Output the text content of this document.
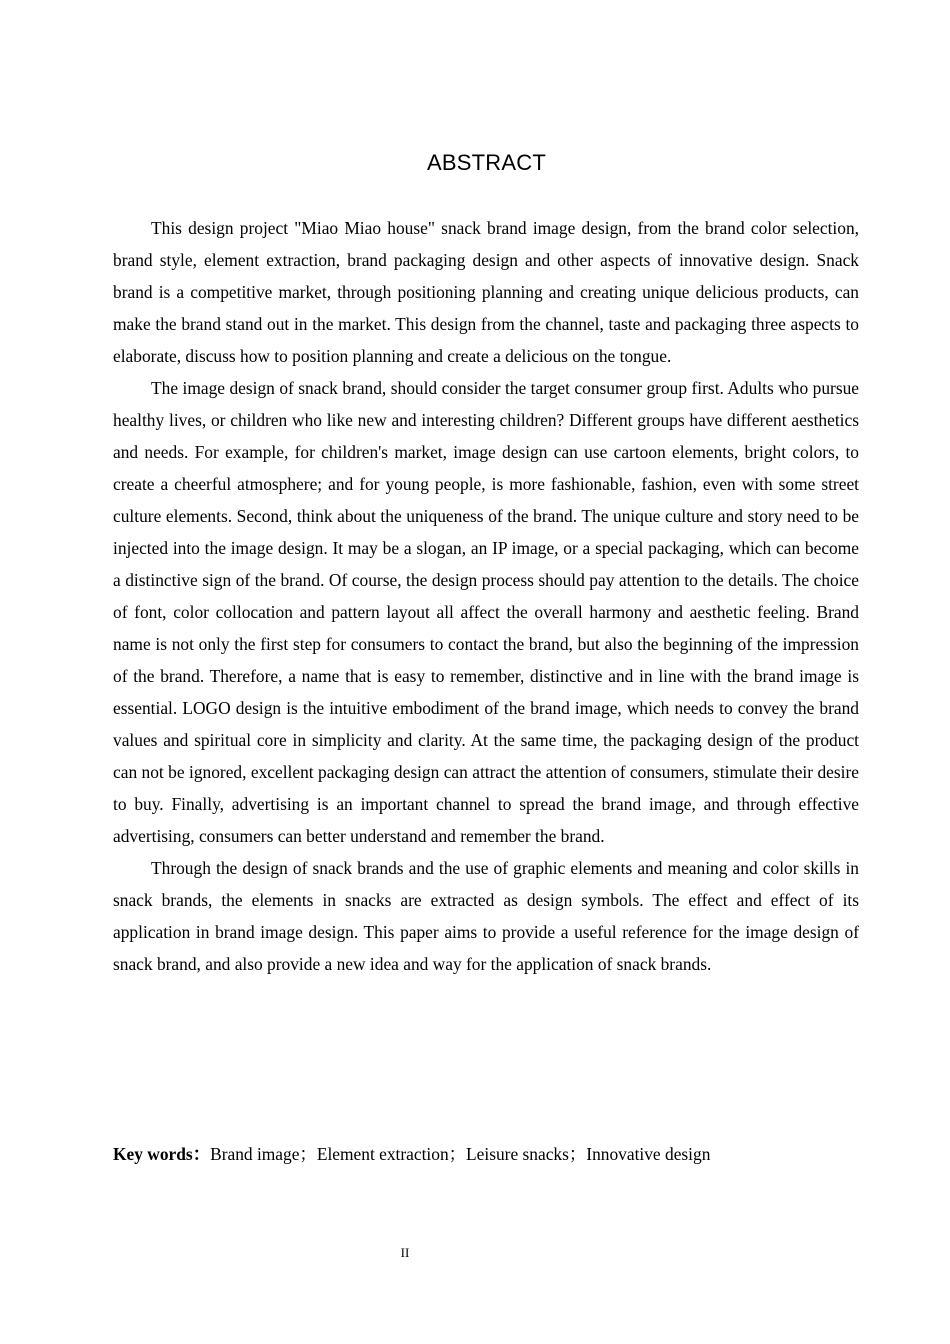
ABSTRACT

This design project "Miao Miao house" snack brand image design, from the brand color selection, brand style, element extraction, brand packaging design and other aspects of innovative design. Snack brand is a competitive market, through positioning planning and creating unique delicious products, can make the brand stand out in the market. This design from the channel, taste and packaging three aspects to elaborate, discuss how to position planning and create a delicious on the tongue.

The image design of snack brand, should consider the target consumer group first. Adults who pursue healthy lives, or children who like new and interesting children? Different groups have different aesthetics and needs. For example, for children's market, image design can use cartoon elements, bright colors, to create a cheerful atmosphere; and for young people, is more fashionable, fashion, even with some street culture elements. Second, think about the uniqueness of the brand. The unique culture and story need to be injected into the image design. It may be a slogan, an IP image, or a special packaging, which can become a distinctive sign of the brand. Of course, the design process should pay attention to the details. The choice of font, color collocation and pattern layout all affect the overall harmony and aesthetic feeling. Brand name is not only the first step for consumers to contact the brand, but also the beginning of the impression of the brand. Therefore, a name that is easy to remember, distinctive and in line with the brand image is essential. LOGO design is the intuitive embodiment of the brand image, which needs to convey the brand values and spiritual core in simplicity and clarity. At the same time, the packaging design of the product can not be ignored, excellent packaging design can attract the attention of consumers, stimulate their desire to buy. Finally, advertising is an important channel to spread the brand image, and through effective advertising, consumers can better understand and remember the brand.

Through the design of snack brands and the use of graphic elements and meaning and color skills in snack brands, the elements in snacks are extracted as design symbols. The effect and effect of its application in brand image design. This paper aims to provide a useful reference for the image design of snack brand, and also provide a new idea and way for the application of snack brands.

Key words：Brand image；Element extraction；Leisure snacks；Innovative design
II
